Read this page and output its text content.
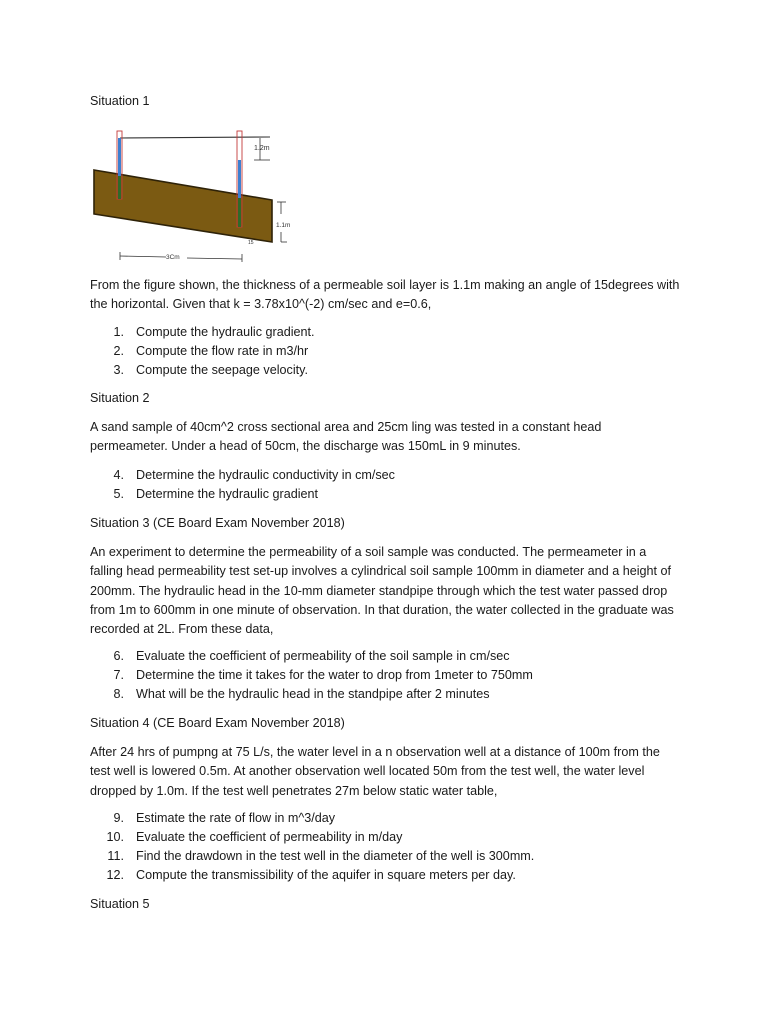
Situation 1

1.2m
1.1m
15
3Cm

From the figure shown, the thickness of a permeable soil layer is 1.1m making an angle of 15degrees with the horizontal. Given that k = 3.78x10^(-2) cm/sec and e=0.6,

1. Compute the hydraulic gradient.
2. Compute the flow rate in m3/hr
3. Compute the seepage velocity.

Situation 2

A sand sample of 40cm^2 cross sectional area and 25cm ling was tested in a constant head permeameter. Under a head of 50cm, the discharge was 150mL in 9 minutes.

4. Determine the hydraulic conductivity in cm/sec
5. Determine the hydraulic gradient

Situation 3 (CE Board Exam November 2018)

An experiment to determine the permeability of a soil sample was conducted. The permeameter in a falling head permeability test set-up involves a cylindrical soil sample 100mm in diameter and a height of 200mm. The hydraulic head in the 10-mm diameter standpipe through which the test water passed drop from 1m to 600mm in one minute of observation. In that duration, the water collected in the graduate was recorded at 2L. From these data,

6. Evaluate the coefficient of permeability of the soil sample in cm/sec
7. Determine the time it takes for the water to drop from 1meter to 750mm
8. What will be the hydraulic head in the standpipe after 2 minutes

Situation 4 (CE Board Exam November 2018)

After 24 hrs of pumpng at 75 L/s, the water level in a n observation well at a distance of 100m from the test well is lowered 0.5m. At another observation well located 50m from the test well, the water level dropped by 1.0m. If the test well penetrates 27m below static water table,

9. Estimate the rate of flow in m^3/day
10. Evaluate the coefficient of permeability in m/day
11. Find the drawdown in the test well in the diameter of the well is 300mm.
12. Compute the transmissibility of the aquifer in square meters per day.

Situation 5
